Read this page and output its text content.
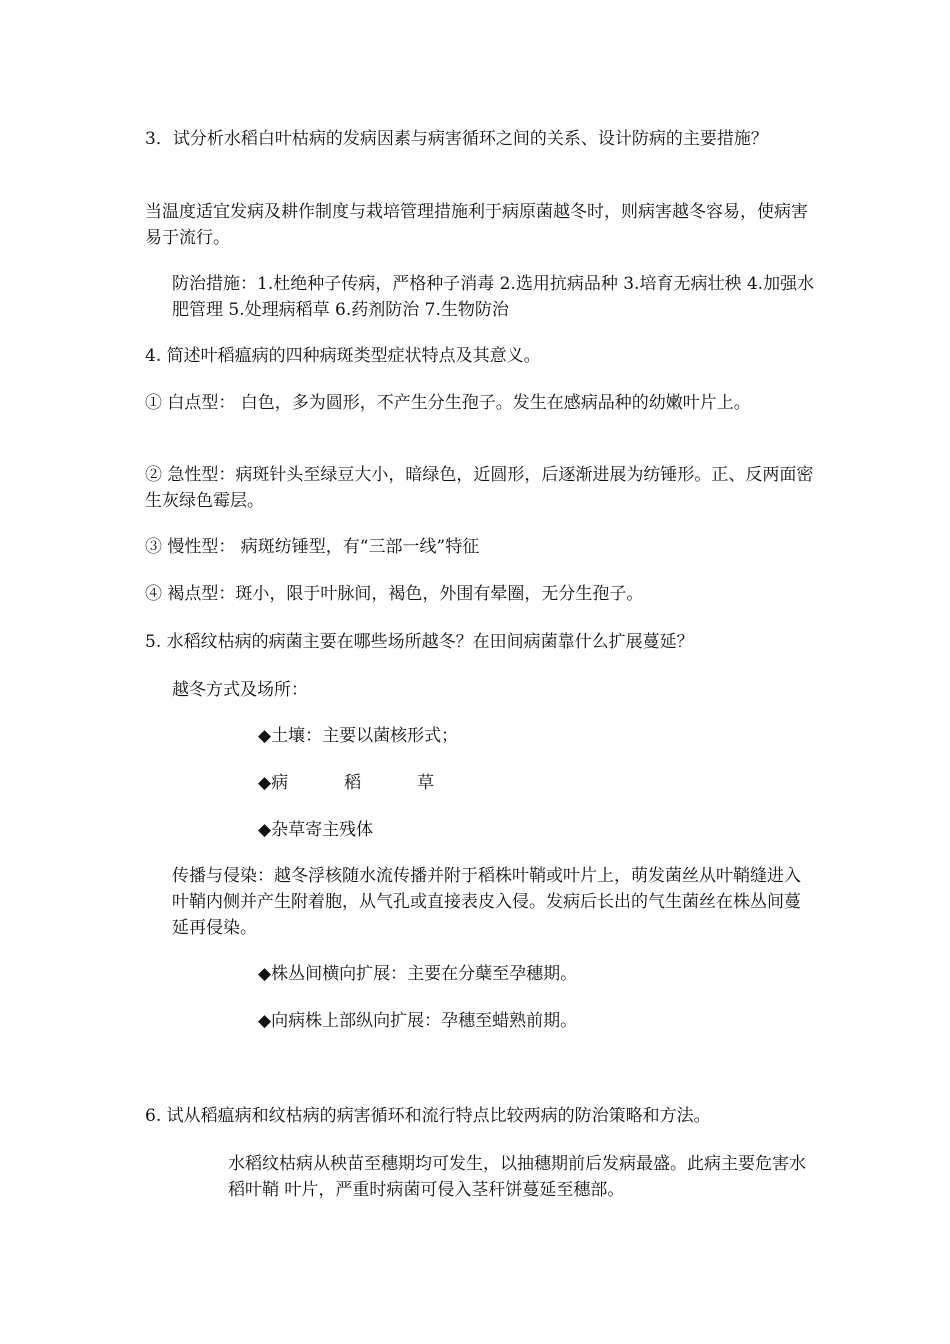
3．试分析水稻白叶枯病的发病因素与病害循环之间的关系、设计防病的主要措施？

当温度适宜发病及耕作制度与栽培管理措施利于病原菌越冬时，则病害越冬容易，使病害易于流行。

防治措施：1.杜绝种子传病，严格种子消毒 2.选用抗病品种 3.培育无病壮秧 4.加强水肥管理 5.处理病稻草 6.药剂防治 7.生物防治

4. 简述叶稻瘟病的四种病斑类型症状特点及其意义。

① 白点型： 白色，多为圆形，不产生分生孢子。发生在感病品种的幼嫩叶片上。

② 急性型：病斑针头至绿豆大小，暗绿色，近圆形，后逐渐进展为纺锤形。正、反两面密生灰绿色霉层。

③ 慢性型： 病斑纺锤型，有“三部一线”特征

④ 褐点型：斑小，限于叶脉间，褐色，外围有晕圈，无分生孢子。

5. 水稻纹枯病的病菌主要在哪些场所越冬？在田间病菌靠什么扩展蔓延？

越冬方式及场所：

◆土壤：主要以菌核形式；

◆病	稻	草

◆杂草寄主残体

传播与侵染：越冬浮核随水流传播并附于稻株叶鞘或叶片上，萌发菌丝从叶鞘缝进入叶鞘内侧并产生附着胞，从气孔或直接表皮入侵。发病后长出的气生菌丝在株丛间蔓延再侵染。

◆株丛间横向扩展：主要在分蘖至孕穗期。

◆向病株上部纵向扩展：孕穗至蜡熟前期。

6. 试从稻瘟病和纹枯病的病害循环和流行特点比较两病的防治策略和方法。

水稻纹枯病从秧苗至穗期均可发生，以抽穗期前后发病最盛。此病主要危害水稻叶鞘 叶片，严重时病菌可侵入茎秆饼蔓延至穗部。
